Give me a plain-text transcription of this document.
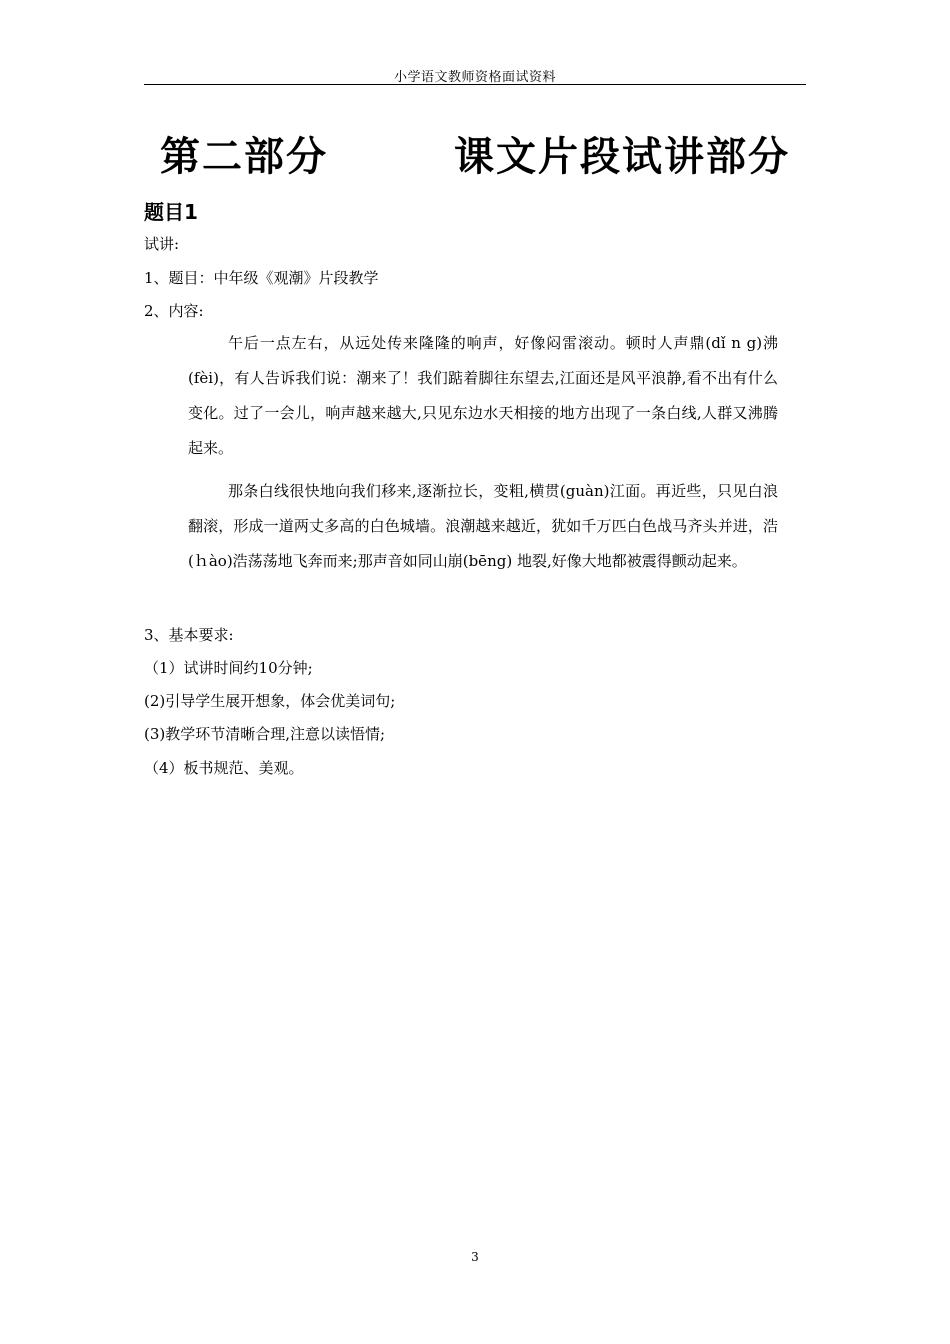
小学语文教师资格面试资料
第二部分　　　课文片段试讲部分
题目1
试讲:
1、题目：中年级《观潮》片段教学
2、内容:
午后一点左右，从远处传来隆隆的响声，好像闷雷滚动。顿时人声鼎(dǐ n g)沸(fèi)，有人告诉我们说：潮来了！我们踮着脚往东望去,江面还是风平浪静,看不出有什么变化。过了一会儿，响声越来越大,只见东边水天相接的地方出现了一条白线,人群又沸腾起来。
那条白线很快地向我们移来,逐渐拉长，变粗,横贯(guàn)江面。再近些，只见白浪翻滚，形成一道两丈多高的白色城墙。浪潮越来越近，犹如千万匹白色战马齐头并进，浩(ｈào)浩荡荡地飞奔而来;那声音如同山崩(bēng) 地裂,好像大地都被震得颤动起来。
3、基本要求:
（1）试讲时间约10分钟;
(2)引导学生展开想象，体会优美词句;
(3)教学环节清晰合理,注意以读悟情;
（4）板书规范、美观。
3
